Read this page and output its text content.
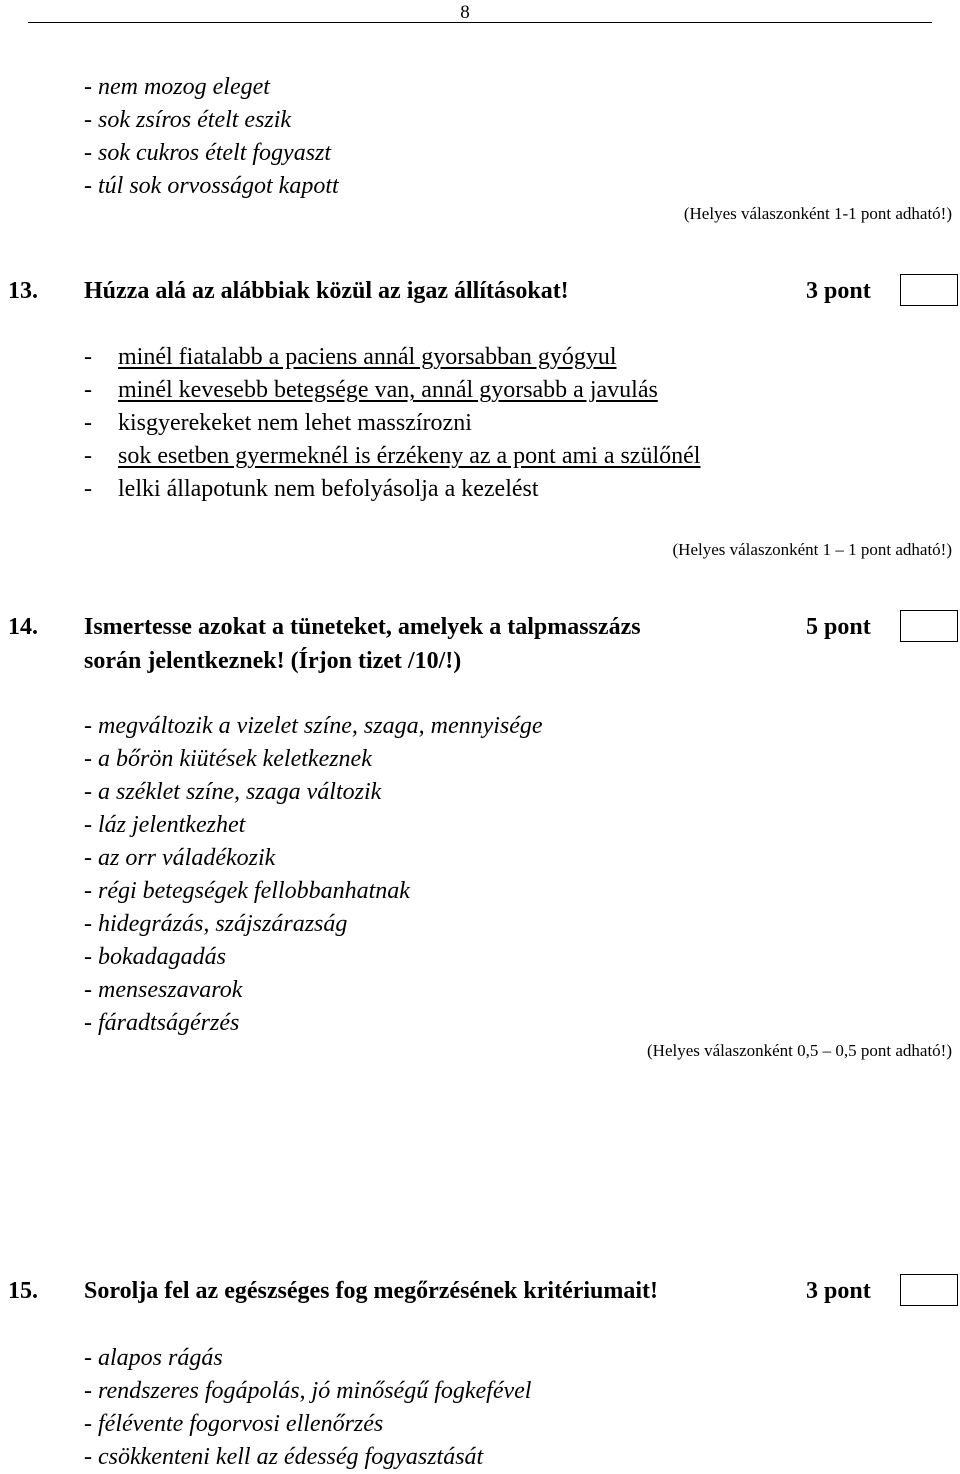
8
- nem mozog eleget
- sok zsíros ételt eszik
- sok cukros ételt fogyaszt
- túl sok orvosságot kapott
(Helyes válaszonként 1-1 pont adható!)
13. Húzza alá az alábbiak közül az igaz állításokat!	3 pont
- minél fiatalabb a paciens annál gyorsabban gyógyul
- minél kevesebb betegsége van, annál gyorsabb a javulás
- kisgyerekeket nem lehet masszírozni
- sok esetben gyermeknél is érzékeny az a pont ami a szülőnél
- lelki állapotunk nem befolyásolja a kezelést
(Helyes válaszonként 1 – 1 pont adható!)
14. Ismertesse azokat a tüneteket, amelyek a talpmasszázs
során jelentkeznek! (Írjon tizet /10/!)
5 pont
- megváltozik a vizelet színe, szaga, mennyisége
- a bőrön kiütések keletkeznek
- a széklet színe, szaga változik
- láz jelentkezhet
- az orr váladékozik
- régi betegségek fellobbanhatnak
- hidegrázás, szájszárazság
- bokadagadás
- menseszavarok
- fáradtságérzés
(Helyes válaszonként 0,5 – 0,5 pont adható!)
15. Sorolja fel az egészséges fog megőrzésének kritériumait!	3 pont
- alapos rágás
- rendszeres fogápolás, jó minőségű fogkefével
- félévente fogorvosi ellenőrzés
- csökkenteni kell az édesség fogyasztását
